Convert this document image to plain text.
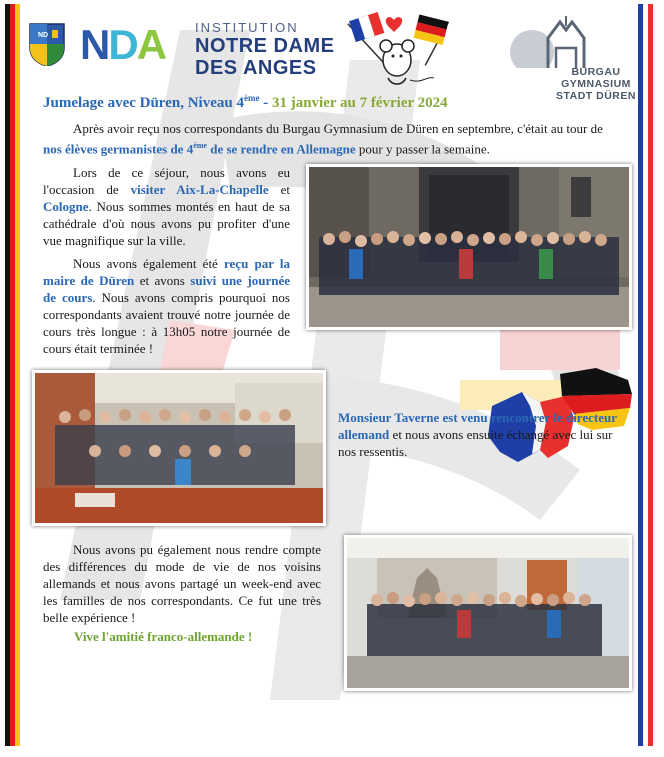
ND NDA	INSTITUTION
NOTRE DAME
DES ANGES	BURGAU
GYMNASIUM
STADT DÜREN
Jumelage avec Düren, Niveau 4ème - 31 janvier au 7 février 2024

Après avoir reçu nos correspondants du Burgau Gymnasium de Düren en septembre, c'était au tour de nos élèves germanistes de 4ème de se rendre en Allemagne pour y passer la semaine.

Lors de ce séjour, nous avons eu l'occasion de visiter Aix-La-Chapelle et Cologne. Nous sommes montés en haut de sa cathédrale d'où nous avons pu profiter d'une vue magnifique sur la ville.

Nous avons également été reçu par la maire de Düren et avons suivi une journée de cours. Nous avons compris pourquoi nos correspondants avaient trouvé notre journée de cours très longue : à 13h05 notre journée de cours était terminée !

Monsieur Taverne est venu rencontrer le directeur allemand et nous avons ensuite échangé avec lui sur nos ressentis.

Nous avons pu également nous rendre compte des différences du mode de vie de nos voisins allemands et nous avons partagé un week-end avec les familles de nos correspondants. Ce fut une très belle expérience !

Vive l'amitié franco-allemande !
